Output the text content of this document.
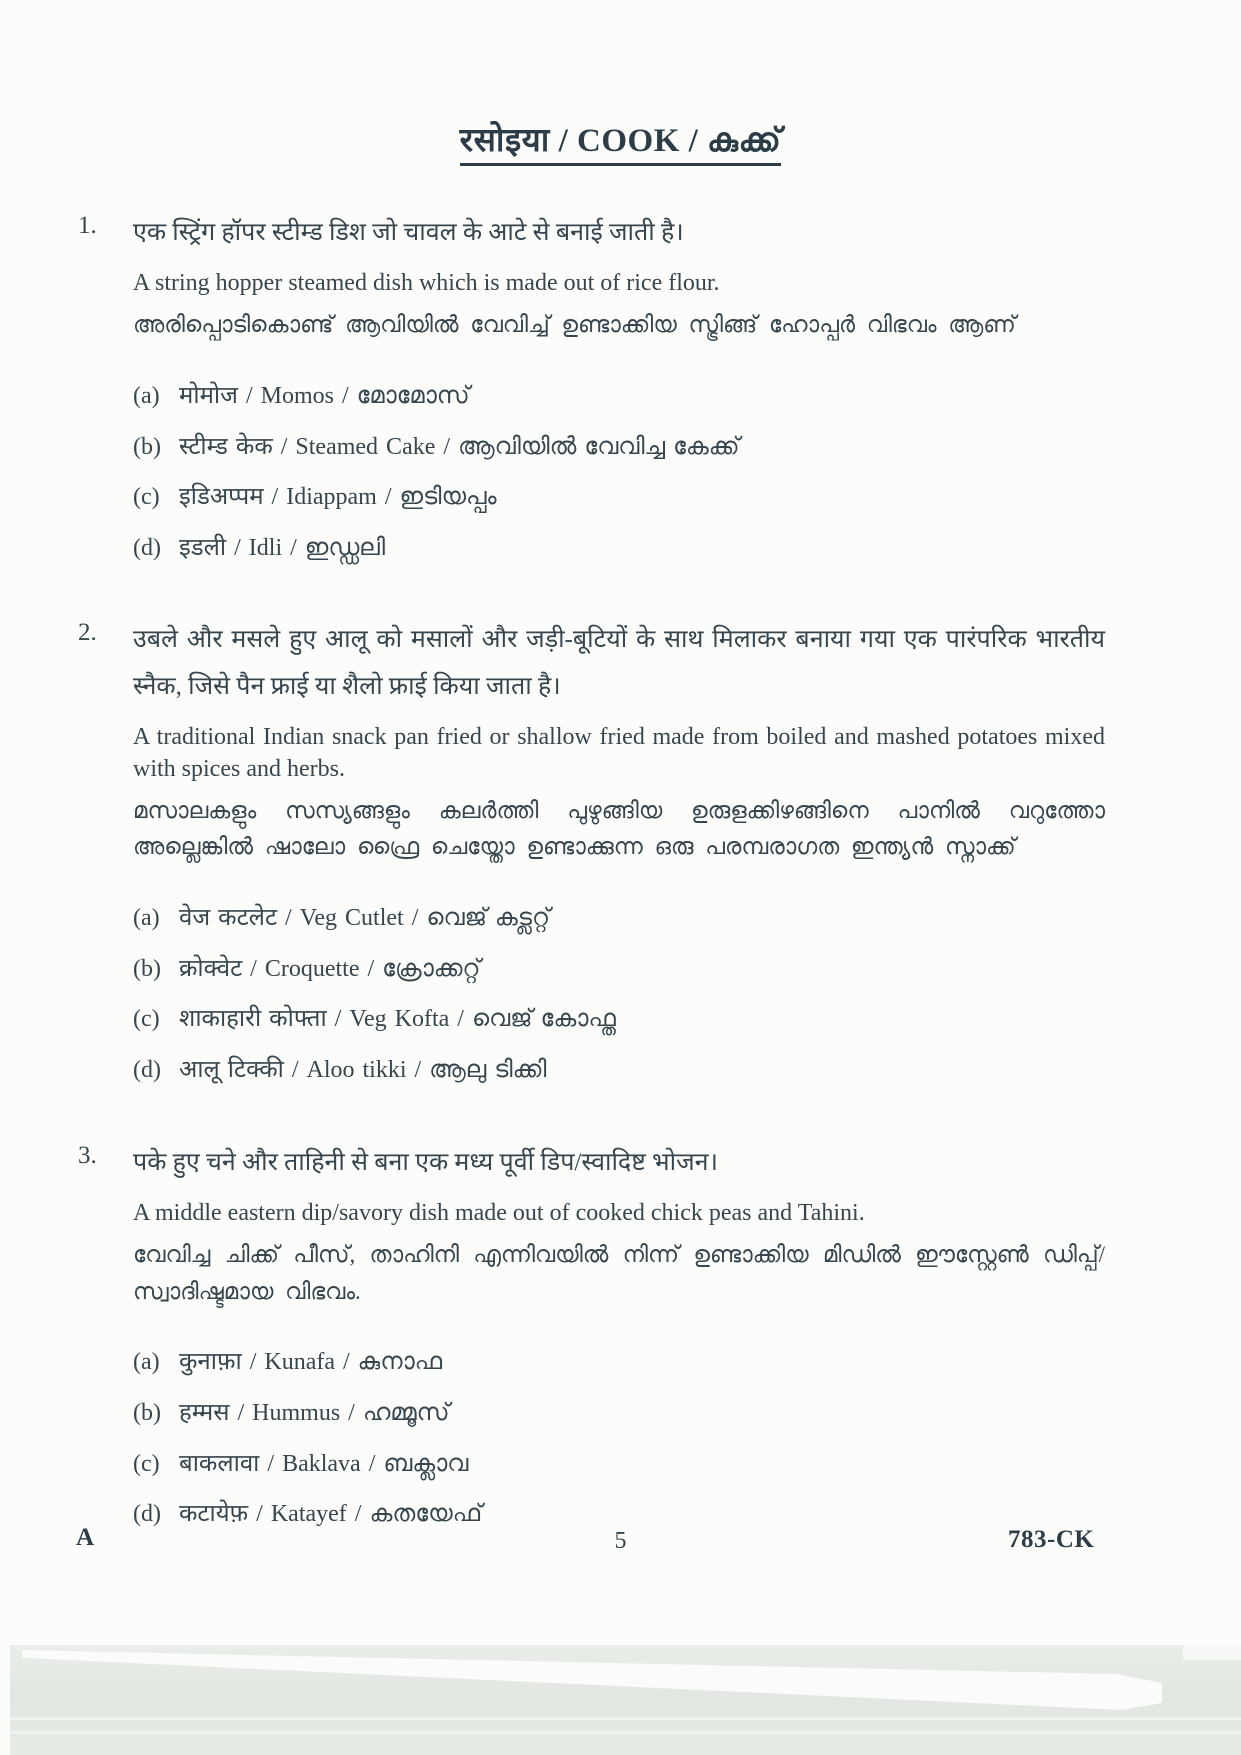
रसोइया / COOK / കുക്ക്
1.	एक स्ट्रिंग हॉपर स्टीम्ड डिश जो चावल के आटे से बनाई जाती है।

A string hopper steamed dish which is made out of rice flour.

അരിപ്പൊടികൊണ്ട് ആവിയിൽ വേവിച്ച് ഉണ്ടാക്കിയ സ്ട്രിങ്ങ് ഹോപ്പർ വിഭവം ആണ്

(a) मोमोज / Momos / മോമോസ്
(b) स्टीम्ड केक / Steamed Cake / ആവിയിൽ വേവിച്ച കേക്ക്
(c) इडिअप्पम / Idiappam / ഇടിയപ്പം
(d) इडली / Idli / ഇഡ്ഡലി
2.	उबले और मसले हुए आलू को मसालों और जड़ी-बूटियों के साथ मिलाकर बनाया गया एक पारंपरिक भारतीय स्नैक, जिसे पैन फ्राई या शैलो फ्राई किया जाता है।

A traditional Indian snack pan fried or shallow fried made from boiled and mashed potatoes mixed with spices and herbs.

മസാലകളും സസ്യങ്ങളും കലർത്തി പുഴുങ്ങിയ ഉരുളക്കിഴങ്ങിനെ പാനിൽ വറുത്തോ അല്ലെങ്കിൽ ഷാലോ ഫ്രൈ ചെയ്തോ ഉണ്ടാക്കുന്ന ഒരു പരമ്പരാഗത ഇന്ത്യൻ സ്നാക്ക്

(a) वेज कटलेट / Veg Cutlet / വെജ് കട്ലറ്റ്
(b) क्रोक्वेट / Croquette / ക്രോക്കറ്റ്
(c) शाकाहारी कोफ्ता / Veg Kofta / വെജ് കോഫ്ത
(d) आलू टिक्की / Aloo tikki / ആലു ടിക്കി
3.	पके हुए चने और ताहिनी से बना एक मध्य पूर्वी डिप/स्वादिष्ट भोजन।

A middle eastern dip/savory dish made out of cooked chick peas and Tahini.

വേവിച്ച ചിക്ക് പീസ്, താഹിനി എന്നിവയിൽ നിന്ന് ഉണ്ടാക്കിയ മിഡിൽ ഈസ്റ്റേൺ ഡിപ്പ്/സ്വാദിഷ്ടമായ വിഭവം.

(a) कुनाफ़ा / Kunafa / കുനാഫ
(b) हम्मस / Hummus / ഹമ്മൂസ്
(c) बाकलावा / Baklava / ബക്ലാവ
(d) कटायेफ़ / Katayef / കതയേഫ്
A	5	783-CK
